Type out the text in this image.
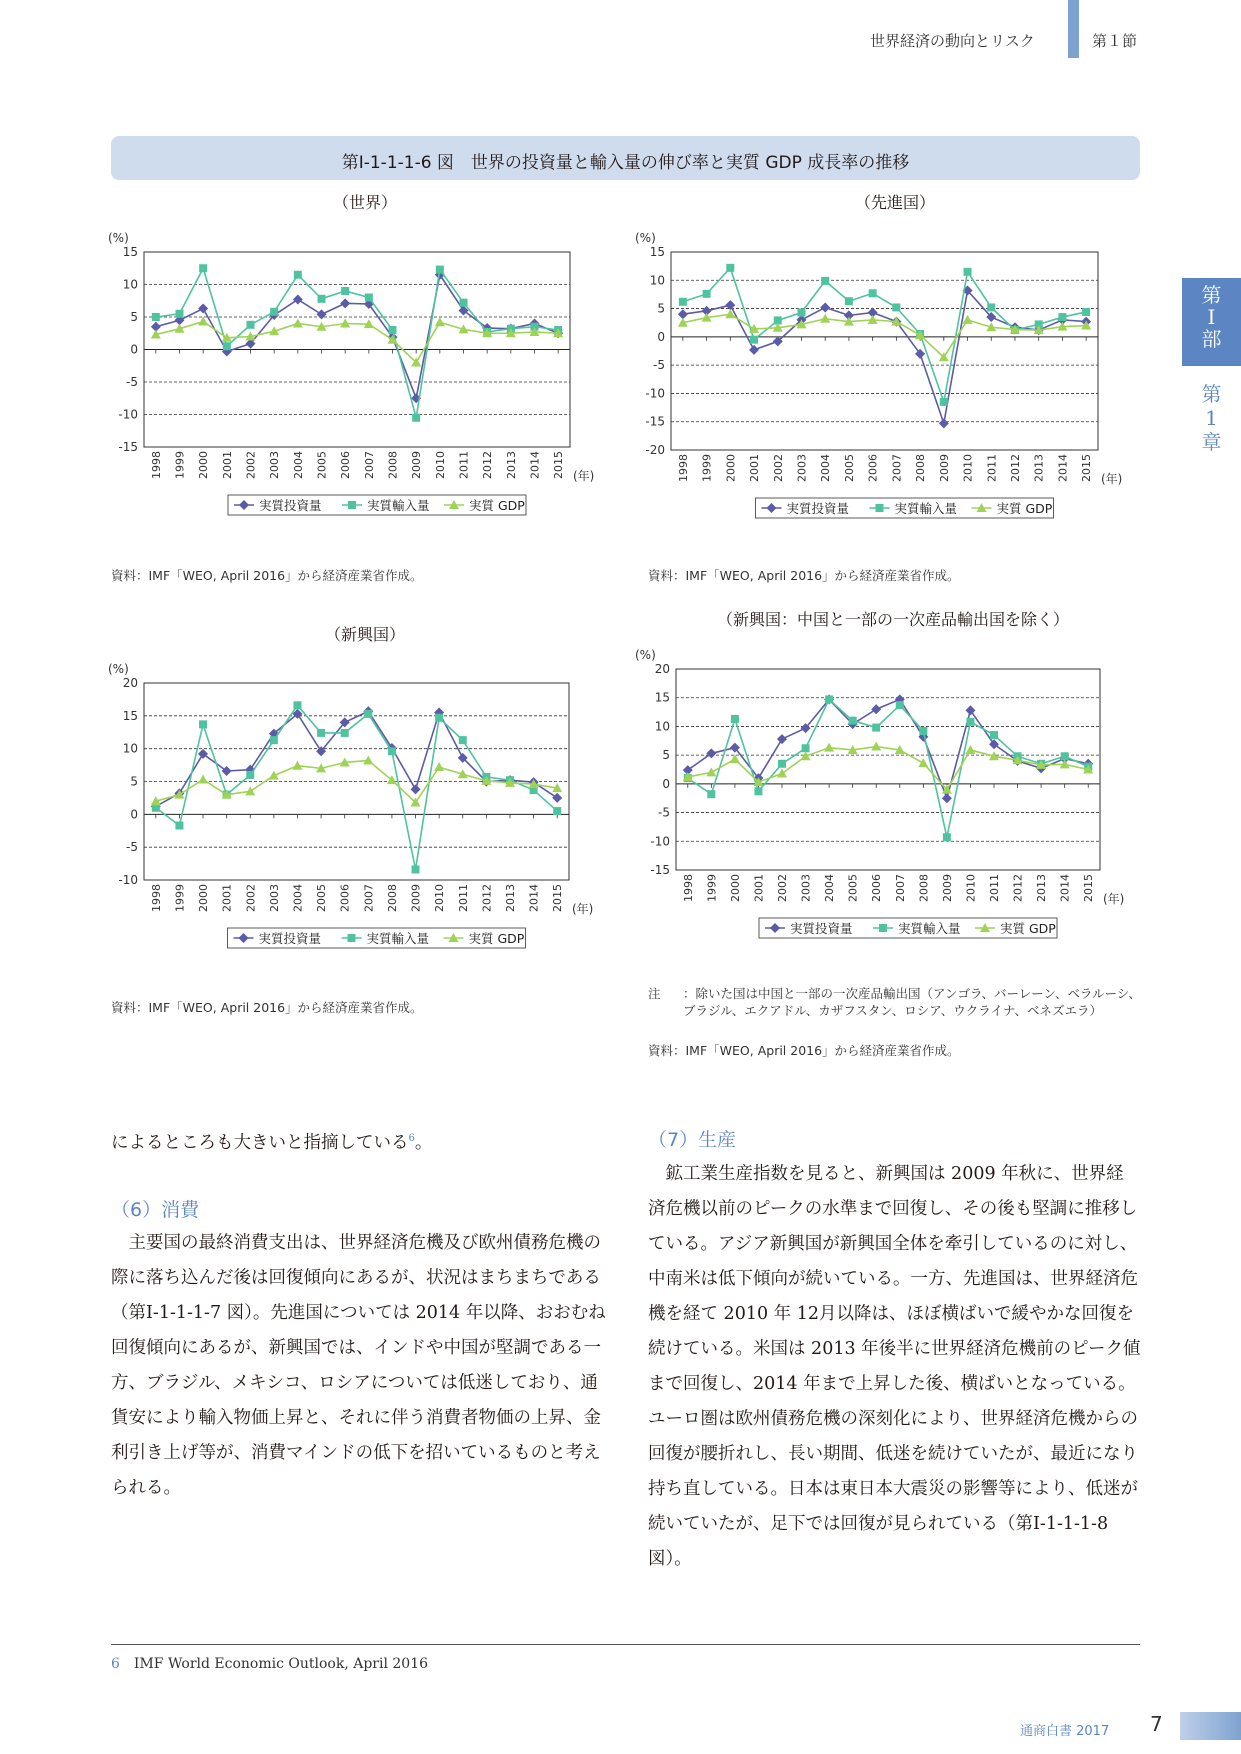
世界経済の動向とリスク	第１節
第
Ⅰ
部
第
1
章
第Ⅰ-1-1-1-6 図　世界の投資量と輸入量の伸び率と実質 GDP 成長率の推移
（世界）
(%)
15
10
5
0
-5
-10
-15
1998 1999 2000 2001 2002 2003 2004 2005 2006 2007 2008 2009 2010 2011 2012 2013 2014 2015 (年)
実質投資量	実質輸入量	実質 GDP
資料：IMF「WEO, April 2016」から経済産業省作成。
（先進国）
(%)
15
10
5
0
-5
-10
-15
-20
1998 1999 2000 2001 2002 2003 2004 2005 2006 2007 2008 2009 2010 2011 2012 2013 2014 2015 (年)
実質投資量	実質輸入量	実質 GDP
資料：IMF「WEO, April 2016」から経済産業省作成。
（新興国）
(%)
20
15
10
5
0
-5
-10
1998 1999 2000 2001 2002 2003 2004 2005 2006 2007 2008 2009 2010 2011 2012 2013 2014 2015 (年)
実質投資量	実質輸入量	実質 GDP
資料：IMF「WEO, April 2016」から経済産業省作成。
（新興国：中国と一部の一次産品輸出国を除く）
(%)
20
15
10
5
0
-5
-10
-15
1998 1999 2000 2001 2002 2003 2004 2005 2006 2007 2008 2009 2010 2011 2012 2013 2014 2015 (年)
実質投資量	実質輸入量	実質 GDP
注 ：除いた国は中国と一部の一次産品輸出国（アンゴラ、バーレーン、ベラルーシ、ブラジル、エクアドル、カザフスタン、ロシア、ウクライナ、ベネズエラ）
資料：IMF「WEO, April 2016」から経済産業省作成。
によるところも大きいと指摘している$^6$。
（6）消費
　主要国の最終消費支出は、世界経済危機及び欧州債務危機の際に落ち込んだ後は回復傾向にあるが、状況はまちまちである（第Ⅰ-1-1-1-7 図）。先進国については 2014 年以降、おおむね回復傾向にあるが、新興国では、インドや中国が堅調である一方、ブラジル、メキシコ、ロシアについては低迷しており、通貨安により輸入物価上昇と、それに伴う消費者物価の上昇、金利引き上げ等が、消費マインドの低下を招いているものと考えられる。
（7）生産
　鉱工業生産指数を見ると、新興国は 2009 年秋に、世界経済危機以前のピークの水準まで回復し、その後も堅調に推移している。アジア新興国が新興国全体を牽引しているのに対し、中南米は低下傾向が続いている。一方、先進国は、世界経済危機を経て 2010 年 12月以降は、ほぼ横ばいで緩やかな回復を続けている。米国は 2013 年後半に世界経済危機前のピーク値まで回復し、2014 年まで上昇した後、横ばいとなっている。ユーロ圏は欧州債務危機の深刻化により、世界経済危機からの回復が腰折れし、長い期間、低迷を続けていたが、最近になり持ち直している。日本は東日本大震災の影響等により、低迷が続いていたが、足下では回復が見られている（第Ⅰ-1-1-1-8 図）。
6 IMF World Economic Outlook, April 2016
通商白書 2017 7
